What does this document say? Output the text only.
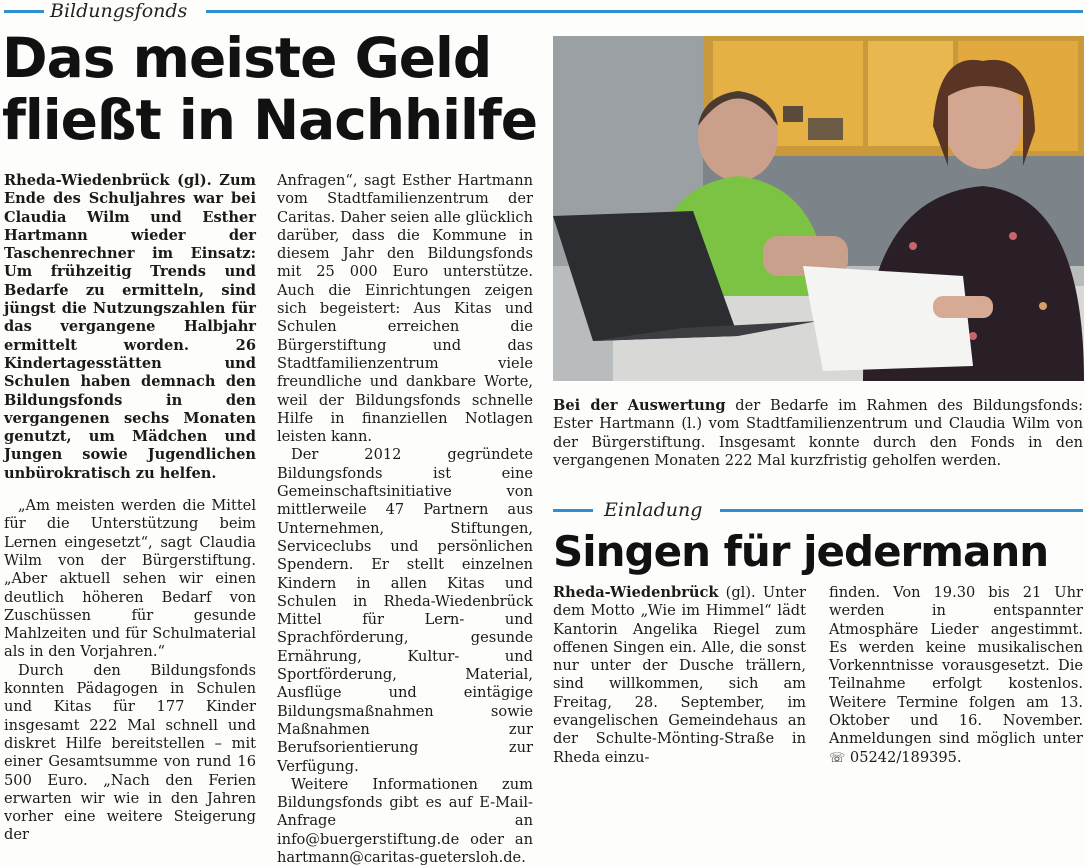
Bildungsfonds
Das meiste Geld
fließt in Nachhilfe

Rheda-Wiedenbrück (gl). Zum Ende des Schuljahres war bei Claudia Wilm und Esther Hartmann wieder der Taschenrechner im Einsatz: Um frühzeitig Trends und Bedarfe zu ermitteln, sind jüngst die Nutzungszahlen für das vergangene Halbjahr ermittelt worden. 26 Kindertagesstätten und Schulen haben demnach den Bildungsfonds in den vergangenen sechs Monaten genutzt, um Mädchen und Jungen sowie Jugendlichen unbürokratisch zu helfen.

„Am meisten werden die Mittel für die Unterstützung beim Lernen eingesetzt“, sagt Claudia Wilm von der Bürgerstiftung. „Aber aktuell sehen wir einen deutlich höheren Bedarf von Zuschüssen für gesunde Mahlzeiten und für Schulmaterial als in den Vorjahren.“

Durch den Bildungsfonds konnten Pädagogen in Schulen und Kitas für 177 Kinder insgesamt 222 Mal schnell und diskret Hilfe bereitstellen – mit einer Gesamtsumme von rund 16 500 Euro. „Nach den Ferien erwarten wir wie in den Jahren vorher eine weitere Steigerung der

Anfragen“, sagt Esther Hartmann vom Stadtfamilienzentrum der Caritas. Daher seien alle glücklich darüber, dass die Kommune in diesem Jahr den Bildungsfonds mit 25 000 Euro unterstütze. Auch die Einrichtungen zeigen sich begeistert: Aus Kitas und Schulen erreichen die Bürgerstiftung und das Stadtfamilienzentrum viele freundliche und dankbare Worte, weil der Bildungsfonds schnelle Hilfe in finanziellen Notlagen leisten kann.

Der 2012 gegründete Bildungsfonds ist eine Gemeinschaftsinitiative von mittlerweile 47 Partnern aus Unternehmen, Stiftungen, Serviceclubs und persönlichen Spendern. Er stellt einzelnen Kindern in allen Kitas und Schulen in Rheda-Wiedenbrück Mittel für Lern- und Sprachförderung, gesunde Ernährung, Kultur- und Sportförderung, Material, Ausflüge und eintägige Bildungsmaßnahmen sowie Maßnahmen zur Berufsorientierung zur Verfügung.

Weitere Informationen zum Bildungsfonds gibt es auf E-Mail-Anfrage an info@buergerstiftung.de oder an hartmann@caritas-guetersloh.de.

Bei der Auswertung der Bedarfe im Rahmen des Bildungsfonds: Ester Hartmann (l.) vom Stadtfamilienzentrum und Claudia Wilm von der Bürgerstiftung. Insgesamt konnte durch den Fonds in den vergangenen Monaten 222 Mal kurzfristig geholfen werden.
Einladung
Singen für jedermann

Rheda-Wiedenbrück (gl). Unter dem Motto „Wie im Himmel“ lädt Kantorin Angelika Riegel zum offenen Singen ein. Alle, die sonst nur unter der Dusche trällern, sind willkommen, sich am Freitag, 28. September, im evangelischen Gemeindehaus an der Schulte-Mönting-Straße in Rheda einzu-

finden. Von 19.30 bis 21 Uhr werden in entspannter Atmosphäre Lieder angestimmt. Es werden keine musikalischen Vorkenntnisse vorausgesetzt. Die Teilnahme erfolgt kostenlos. Weitere Termine folgen am 13. Oktober und 16. November. Anmeldungen sind möglich unter ☏ 05242/189395.
